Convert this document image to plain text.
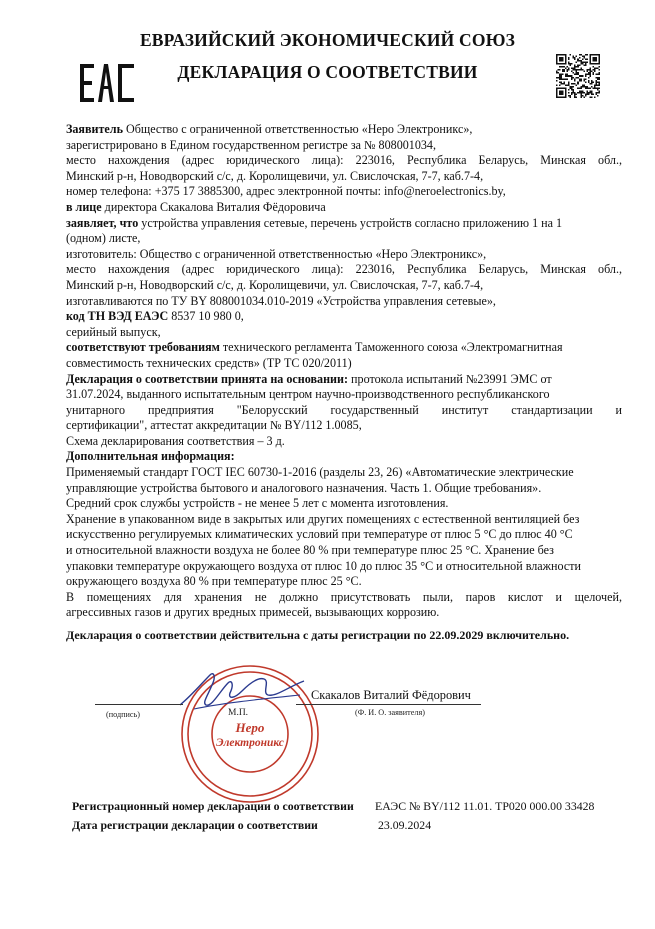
ЕВРАЗИЙСКИЙ ЭКОНОМИЧЕСКИЙ СОЮЗ
ДЕКЛАРАЦИЯ О СООТВЕТСТВИИ

Заявитель Общество с ограниченной ответственностью «Неро Электроникс»,

зарегистрировано в Едином государственном регистре за № 808001034,

место нахождения (адрес юридического лица): 223016, Республика Беларусь, Минская обл.,

Минский р-н, Новодворский с/с, д. Королищевичи, ул. Свислочская, 7-7, каб.7-4,

номер телефона: +375 17 3885300, адрес электронной почты: info@neroelectronics.by,

в лице директора Скакалова Виталия Фёдоровича

заявляет, что устройства управления сетевые, перечень устройств согласно приложению 1 на 1

(одном) листе,

изготовитель: Общество с ограниченной ответственностью «Неро Электроникс»,

место нахождения (адрес юридического лица): 223016, Республика Беларусь, Минская обл.,

Минский р-н, Новодворский с/с, д. Королищевичи, ул. Свислочская, 7-7, каб.7-4,

изготавливаются по ТУ BY 808001034.010-2019 «Устройства управления сетевые»,

код ТН ВЭД ЕАЭС 8537 10 980 0,

серийный выпуск,

соответствуют требованиям технического регламента Таможенного союза «Электромагнитная

совместимость технических средств» (ТР ТС 020/2011)

Декларация о соответствии принята на основании: протокола испытаний №23991 ЭМС от

31.07.2024, выданного испытательным центром научно-производственного республиканского

унитарного предприятия "Белорусский государственный институт стандартизации и

сертификации", аттестат аккредитации № BY/112 1.0085,

Схема декларирования соответствия – 3 д.

Дополнительная информация:

Применяемый стандарт ГОСТ IEC 60730-1-2016 (разделы 23, 26) «Автоматические электрические

управляющие устройства бытового и аналогового назначения. Часть 1. Общие требования».

Средний срок службы устройств - не менее 5 лет с момента изготовления.

Хранение в упакованном виде в закрытых или других помещениях с естественной вентиляцией без

искусственно регулируемых климатических условий при температуре от плюс 5 °С до плюс 40 °С

и относительной влажности воздуха не более 80 % при температуре плюс 25 °С. Хранение без

упаковки температуре окружающего воздуха от плюс 10 до плюс 35 °С и относительной влажности

окружающего воздуха 80 % при температуре плюс 25 °С.

В помещениях для хранения не должно присутствовать пыли, паров кислот и щелочей,

агрессивных газов и других вредных примесей, вызывающих коррозию.

Декларация о соответствии действительна с даты регистрации по 22.09.2029 включительно.
Неро
Электроникс
Скакалов Виталий Фёдорович
(подпись)	М.П.	(Ф. И. О. заявителя)
Регистрационный номер декларации о соответствии ЕАЭС № BY/112 11.01. ТР020 000.00 33428
Дата регистрации декларации о соответствии	23.09.2024
